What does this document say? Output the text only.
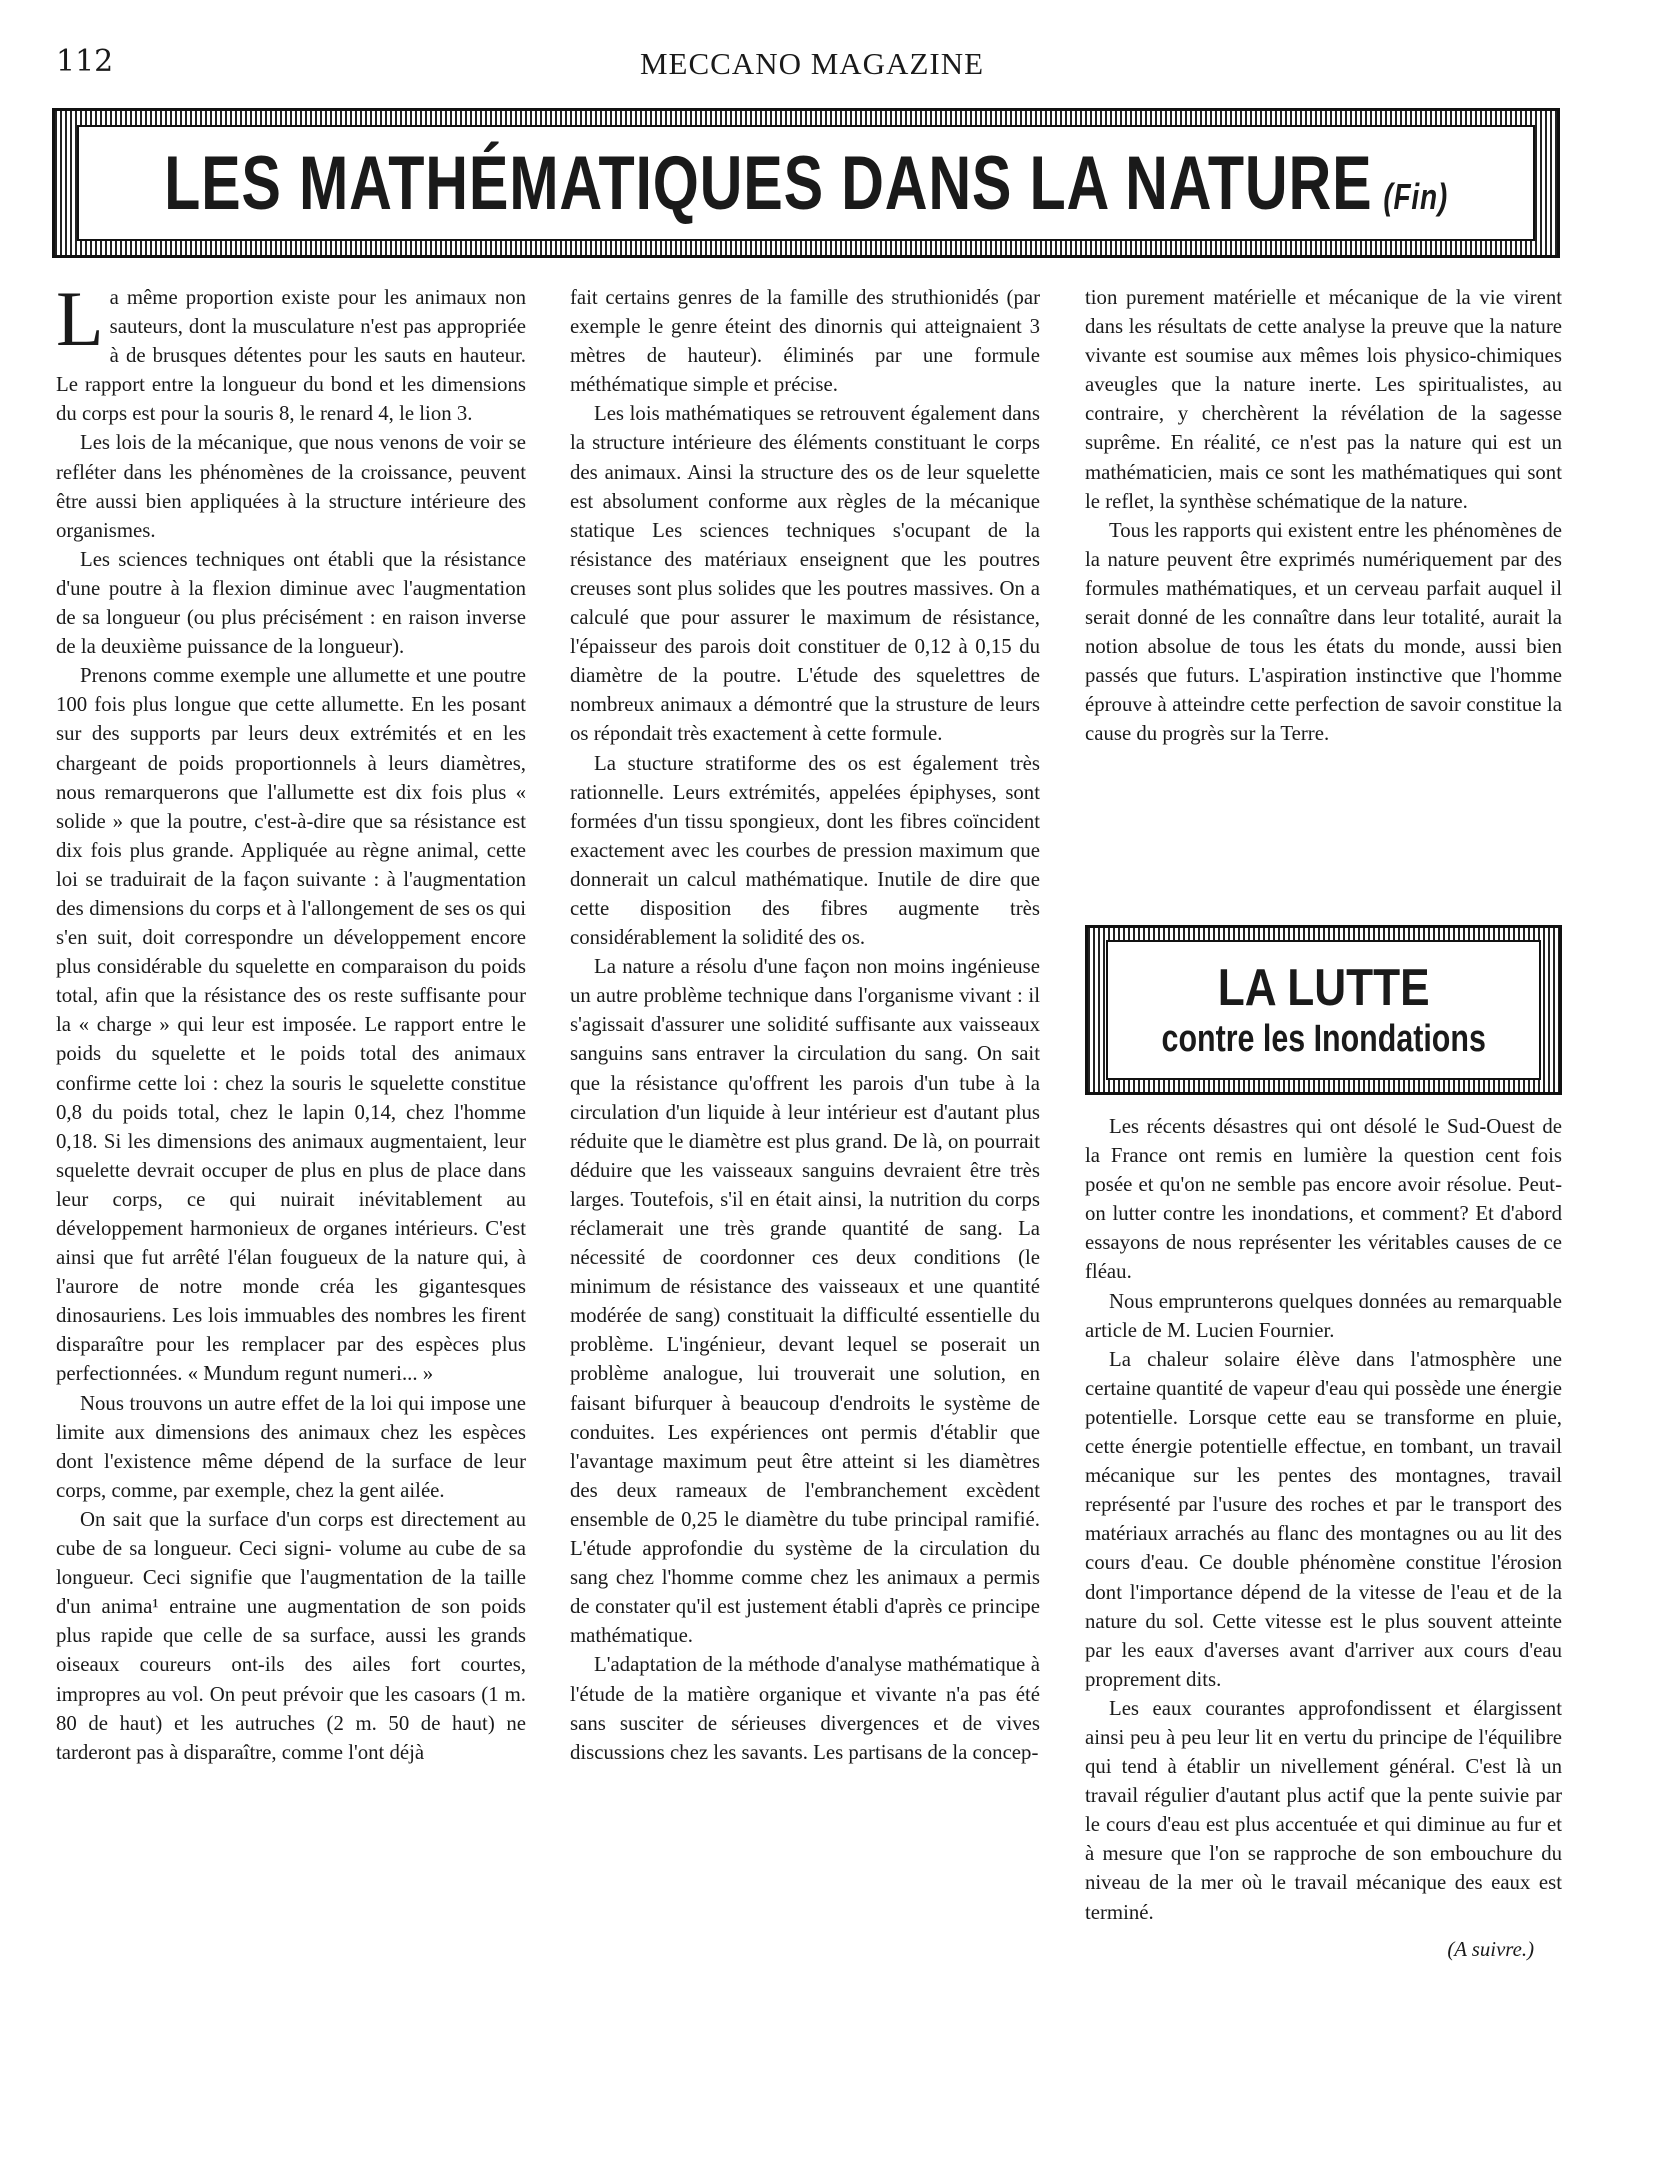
112	MECCANO MAGAZINE
LES MATHÉMATIQUES DANS LA NATURE (Fin)

La même proportion existe pour les animaux non sauteurs, dont la musculature n'est pas appropriée à de brusques détentes pour les sauts en hauteur. Le rapport entre la longueur du bond et les dimensions du corps est pour la souris 8, le renard 4, le lion 3.

Les lois de la mécanique, que nous venons de voir se refléter dans les phénomènes de la croissance, peuvent être aussi bien appliquées à la structure intérieure des organismes.

Les sciences techniques ont établi que la résistance d'une poutre à la flexion diminue avec l'augmentation de sa longueur (ou plus précisément : en raison inverse de la deuxième puissance de la longueur).

Prenons comme exemple une allumette et une poutre 100 fois plus longue que cette allumette. En les posant sur des supports par leurs deux extrémités et en les chargeant de poids proportionnels à leurs diamètres, nous remarquerons que l'allumette est dix fois plus « solide » que la poutre, c'est-à-dire que sa résistance est dix fois plus grande. Appliquée au règne animal, cette loi se traduirait de la façon suivante : à l'augmentation des dimensions du corps et à l'allongement de ses os qui s'en suit, doit correspondre un développement encore plus considérable du squelette en comparaison du poids total, afin que la résistance des os reste suffisante pour la « charge » qui leur est imposée. Le rapport entre le poids du squelette et le poids total des animaux confirme cette loi : chez la souris le squelette constitue 0,8 du poids total, chez le lapin 0,14, chez l'homme 0,18. Si les dimensions des animaux augmentaient, leur squelette devrait occuper de plus en plus de place dans leur corps, ce qui nuirait inévitablement au développement harmonieux de organes intérieurs. C'est ainsi que fut arrêté l'élan fougueux de la nature qui, à l'aurore de notre monde créa les gigantesques dinosauriens. Les lois immuables des nombres les firent disparaître pour les remplacer par des espèces plus perfectionnées. « Mundum regunt numeri... »

Nous trouvons un autre effet de la loi qui impose une limite aux dimensions des animaux chez les espèces dont l'existence même dépend de la surface de leur corps, comme, par exemple, chez la gent ailée.

On sait que la surface d'un corps est directement au cube de sa longueur. Ceci signi- volume au cube de sa longueur. Ceci signifie que l'augmentation de la taille d'un anima¹ entraine une augmentation de son poids plus rapide que celle de sa surface, aussi les grands oiseaux coureurs ont-ils des ailes fort courtes, impropres au vol. On peut prévoir que les casoars (1 m. 80 de haut) et les autruches (2 m. 50 de haut) ne tarderont pas à disparaître, comme l'ont déjà

fait certains genres de la famille des struthionidés (par exemple le genre éteint des dinornis qui atteignaient 3 mètres de hauteur). éliminés par une formule méthématique simple et précise.

Les lois mathématiques se retrouvent également dans la structure intérieure des éléments constituant le corps des animaux. Ainsi la structure des os de leur squelette est absolument conforme aux règles de la mécanique statique Les sciences techniques s'ocupant de la résistance des matériaux enseignent que les poutres creuses sont plus solides que les poutres massives. On a calculé que pour assurer le maximum de résistance, l'épaisseur des parois doit constituer de 0,12 à 0,15 du diamètre de la poutre. L'étude des squelettres de nombreux animaux a démontré que la strusture de leurs os répondait très exactement à cette formule.

La stucture stratiforme des os est également très rationnelle. Leurs extrémités, appelées épiphyses, sont formées d'un tissu spongieux, dont les fibres coïncident exactement avec les courbes de pression maximum que donnerait un calcul mathématique. Inutile de dire que cette disposition des fibres augmente très considérablement la solidité des os.

La nature a résolu d'une façon non moins ingénieuse un autre problème technique dans l'organisme vivant : il s'agissait d'assurer une solidité suffisante aux vaisseaux sanguins sans entraver la circulation du sang. On sait que la résistance qu'offrent les parois d'un tube à la circulation d'un liquide à leur intérieur est d'autant plus réduite que le diamètre est plus grand. De là, on pourrait déduire que les vaisseaux sanguins devraient être très larges. Toutefois, s'il en était ainsi, la nutrition du corps réclamerait une très grande quantité de sang. La nécessité de coordonner ces deux conditions (le minimum de résistance des vaisseaux et une quantité modérée de sang) constituait la difficulté essentielle du problème. L'ingénieur, devant lequel se poserait un problème analogue, lui trouverait une solution, en faisant bifurquer à beaucoup d'endroits le système de conduites. Les expériences ont permis d'établir que l'avantage maximum peut être atteint si les diamètres des deux rameaux de l'embranchement excèdent ensemble de 0,25 le diamètre du tube principal ramifié. L'étude approfondie du système de la circulation du sang chez l'homme comme chez les animaux a permis de constater qu'il est justement établi d'après ce principe mathématique.

L'adaptation de la méthode d'analyse mathématique à l'étude de la matière organique et vivante n'a pas été sans susciter de sérieuses divergences et de vives discussions chez les savants. Les partisans de la concep-

tion purement matérielle et mécanique de la vie virent dans les résultats de cette analyse la preuve que la nature vivante est soumise aux mêmes lois physico-chimiques aveugles que la nature inerte. Les spiritualistes, au contraire, y cherchèrent la révélation de la sagesse suprême. En réalité, ce n'est pas la nature qui est un mathématicien, mais ce sont les mathématiques qui sont le reflet, la synthèse schématique de la nature.

Tous les rapports qui existent entre les phénomènes de la nature peuvent être exprimés numériquement par des formules mathématiques, et un cerveau parfait auquel il serait donné de les connaître dans leur totalité, aurait la notion absolue de tous les états du monde, aussi bien passés que futurs. L'aspiration instinctive que l'homme éprouve à atteindre cette perfection de savoir constitue la cause du progrès sur la Terre.

LA LUTTE
contre les Inondations

Les récents désastres qui ont désolé le Sud-Ouest de la France ont remis en lumière la question cent fois posée et qu'on ne semble pas encore avoir résolue. Peut-on lutter contre les inondations, et comment? Et d'abord essayons de nous représenter les véritables causes de ce fléau.

Nous emprunterons quelques données au remarquable article de M. Lucien Fournier.

La chaleur solaire élève dans l'atmosphère une certaine quantité de vapeur d'eau qui possède une énergie potentielle. Lorsque cette eau se transforme en pluie, cette énergie potentielle effectue, en tombant, un travail mécanique sur les pentes des montagnes, travail représenté par l'usure des roches et par le transport des matériaux arrachés au flanc des montagnes ou au lit des cours d'eau. Ce double phénomène constitue l'érosion dont l'importance dépend de la vitesse de l'eau et de la nature du sol. Cette vitesse est le plus souvent atteinte par les eaux d'averses avant d'arriver aux cours d'eau proprement dits.

Les eaux courantes approfondissent et élargissent ainsi peu à peu leur lit en vertu du principe de l'équilibre qui tend à établir un nivellement général. C'est là un travail régulier d'autant plus actif que la pente suivie par le cours d'eau est plus accentuée et qui diminue au fur et à mesure que l'on se rapproche de son embouchure du niveau de la mer où le travail mécanique des eaux est terminé.

(A suivre.)
